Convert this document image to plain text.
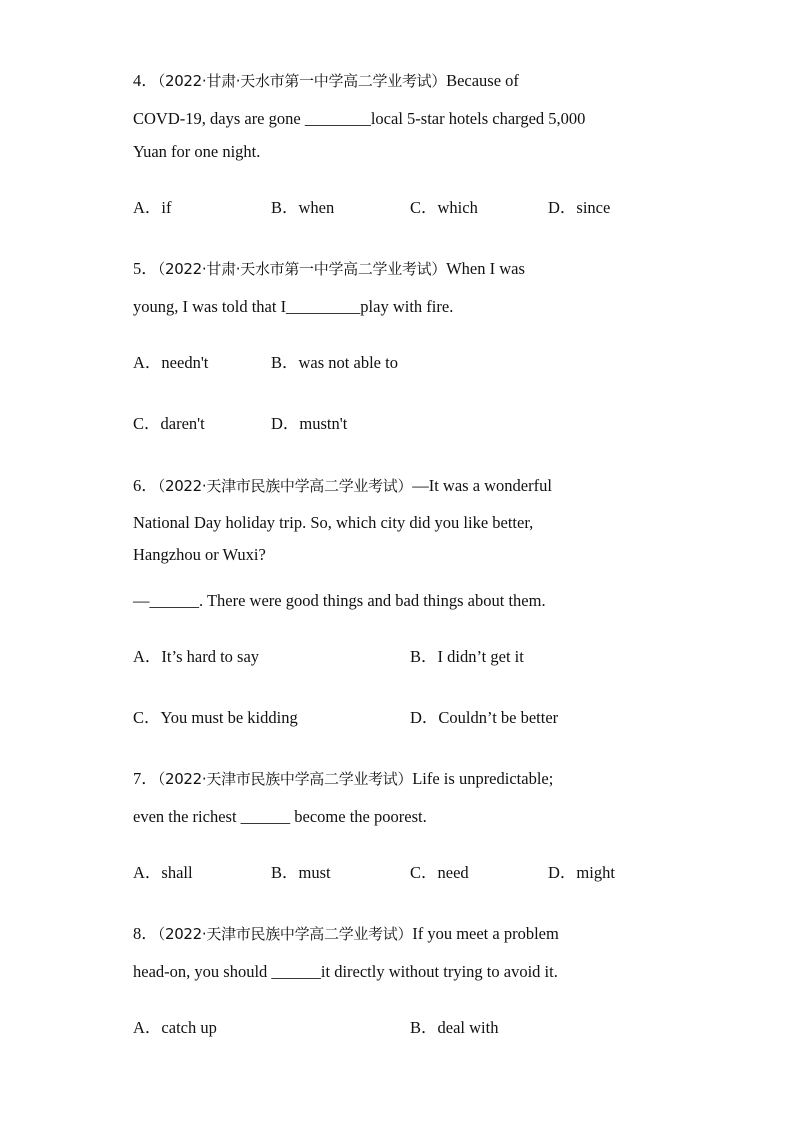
4．（2022·甘肃·天水市第一中学高二学业考试）Because of
COVD-19, days are gone ________local 5-star hotels charged 5,000
Yuan for one night.
A．if	B．when	C．which	D．since
5．（2022·甘肃·天水市第一中学高二学业考试）When I was
young, I was told that I_________play with fire.
A．needn't	B．was not able to
C．daren't	D．mustn't
6．（2022·天津市民族中学高二学业考试）—It was a wonderful
National Day holiday trip. So, which city did you like better,
Hangzhou or Wuxi?
—______. There were good things and bad things about them.
A．It’s hard to say	B．I didn’t get it
C．You must be kidding	D．Couldn’t be better
7．（2022·天津市民族中学高二学业考试）Life is unpredictable;
even the richest ______ become the poorest.
A．shall	B．must	C．need	D．might
8．（2022·天津市民族中学高二学业考试）If you meet a problem
head-on, you should ______it directly without trying to avoid it.
A．catch up	B．deal with
